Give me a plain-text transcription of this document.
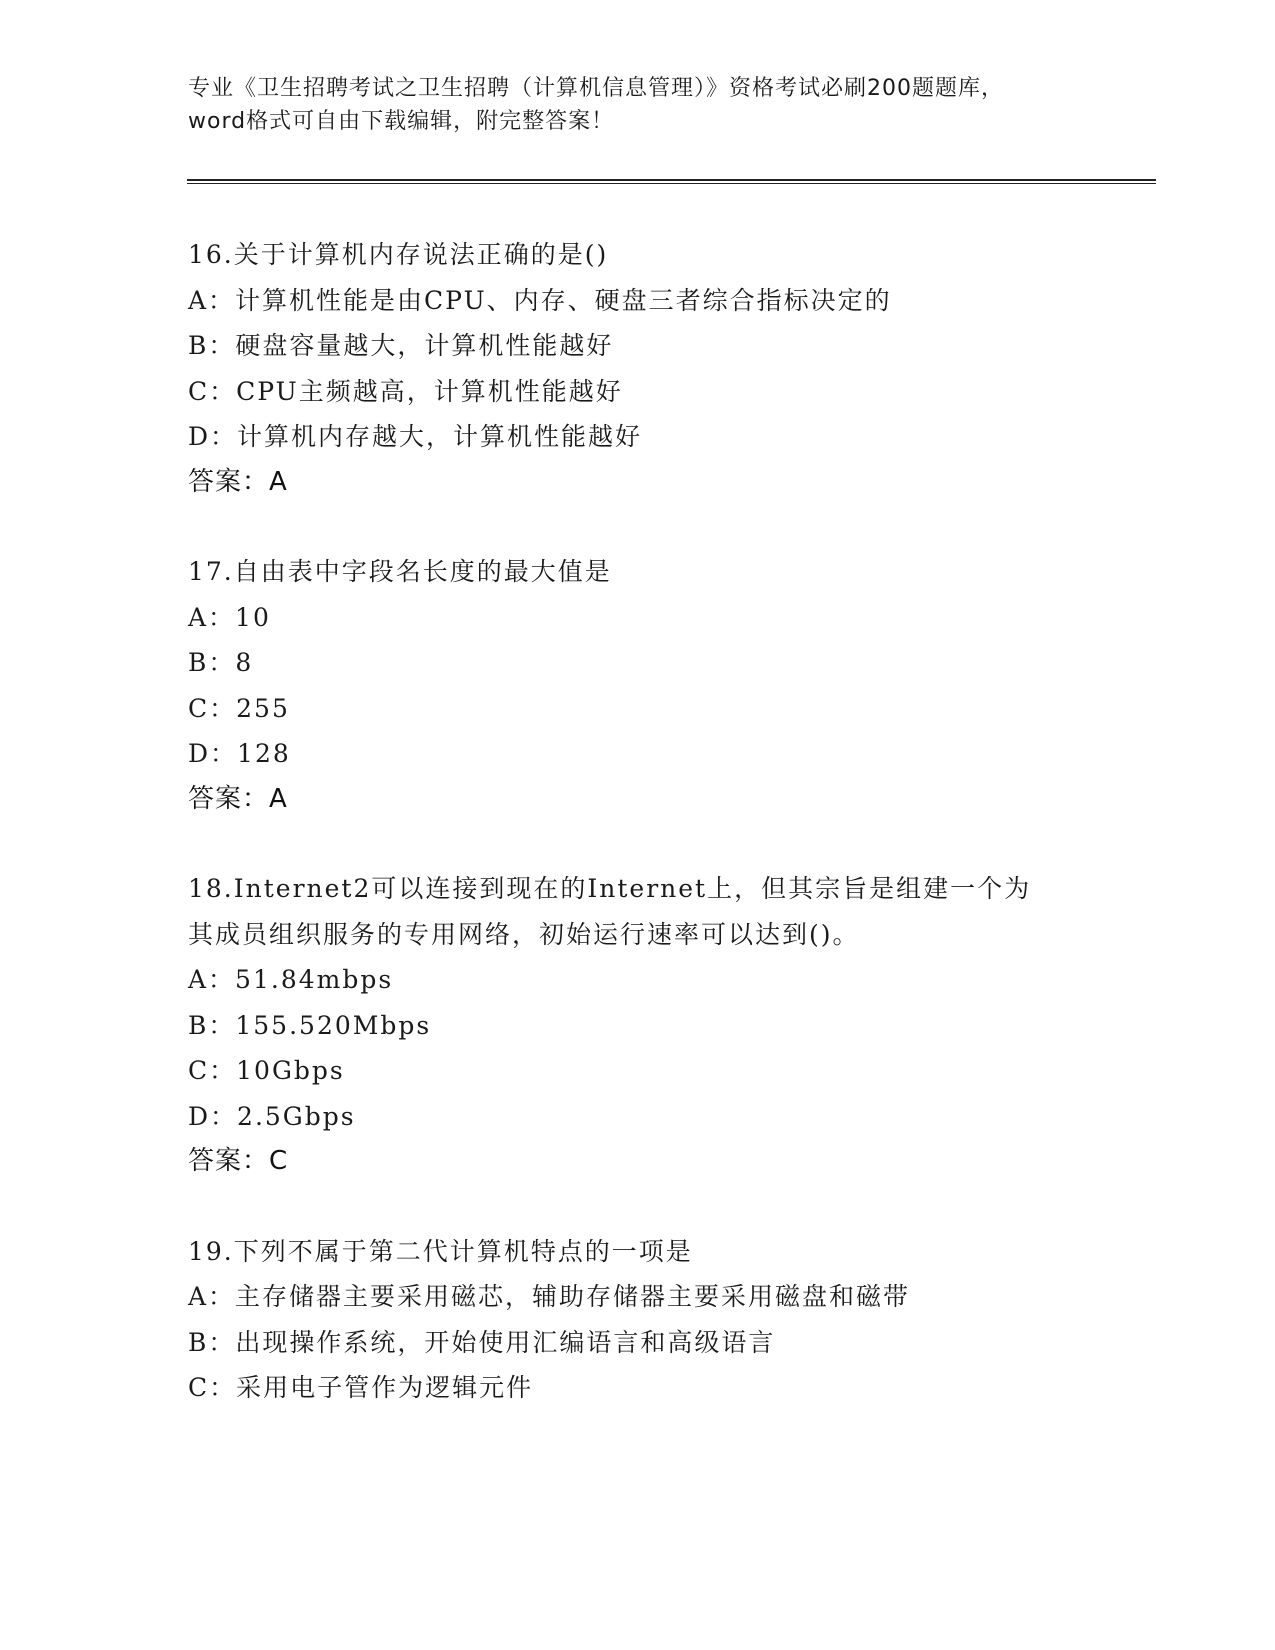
专业《卫生招聘考试之卫生招聘（计算机信息管理）》资格考试必刷200题题库，
word格式可自由下载编辑，附完整答案！
16.关于计算机内存说法正确的是()
A：计算机性能是由CPU、内存、硬盘三者综合指标决定的
B：硬盘容量越大，计算机性能越好
C：CPU主频越高，计算机性能越好
D：计算机内存越大，计算机性能越好
答案：A
17.自由表中字段名长度的最大值是
A：10
B：8
C：255
D：128
答案：A
18.Internet2可以连接到现在的Internet上，但其宗旨是组建一个为
其成员组织服务的专用网络，初始运行速率可以达到()。
A：51.84mbps
B：155.520Mbps
C：10Gbps
D：2.5Gbps
答案：C
19.下列不属于第二代计算机特点的一项是
A：主存储器主要采用磁芯，辅助存储器主要采用磁盘和磁带
B：出现操作系统，开始使用汇编语言和高级语言
C：采用电子管作为逻辑元件
